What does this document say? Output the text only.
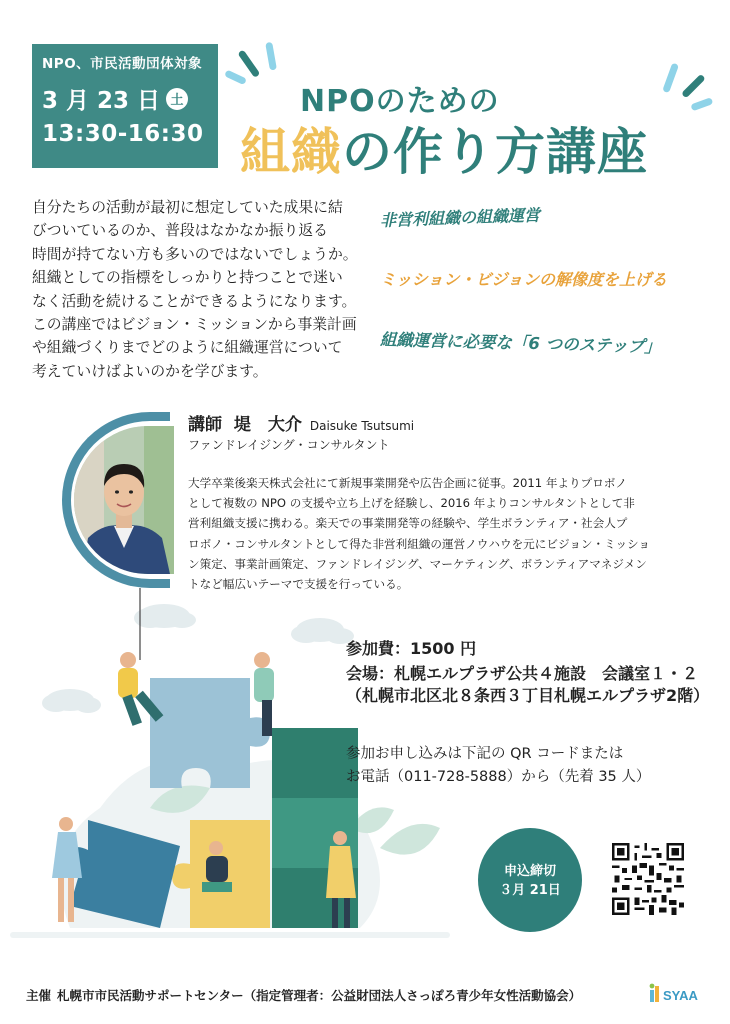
NPO、市民活動団体対象
3 月 23 日 土
13:30-16:30
NPOのための
組織の作り方講座
自分たちの活動が最初に想定していた成果に結
びついているのか、普段はなかなか振り返る
時間が持てない方も多いのではないでしょうか。
組織としての指標をしっかりと持つことで迷い
なく活動を続けることができるようになります。
この講座ではビジョン・ミッションから事業計画
や組織づくりまでどのように組織運営について
考えていけばよいのかを学びます。
非営利組織の組織運営
ミッション・ビジョンの解像度を上げる
組織運営に必要な「6 つのステップ」
講師 堤　大介 Daisuke Tsutsumi
ファンドレイジング・コンサルタント
大学卒業後楽天株式会社にて新規事業開発や広告企画に従事。2011 年よりプロボノ
として複数の NPO の支援や立ち上げを経験し、2016 年よりコンサルタントとして非
営利組織支援に携わる。楽天での事業開発等の経験や、学生ボランティア・社会人プ
ロボノ・コンサルタントとして得た非営利組織の運営ノウハウを元にビジョン・ミッショ
ン策定、事業計画策定、ファンドレイジング、マーケティング、ボランティアマネジメン
トなど幅広いテーマで支援を行っている。
参加費：1500 円
会場：札幌エルプラザ公共４施設　会議室１・２
（札幌市北区北８条西３丁目札幌エルプラザ2階）
参加お申し込みは下記の QR コードまたは
お電話（011-728-5888）から（先着 35 人）
申込締切
３月 21日
主催 札幌市市民活動サポートセンター（指定管理者：公益財団法人さっぽろ青少年女性活動協会）	SYAA
